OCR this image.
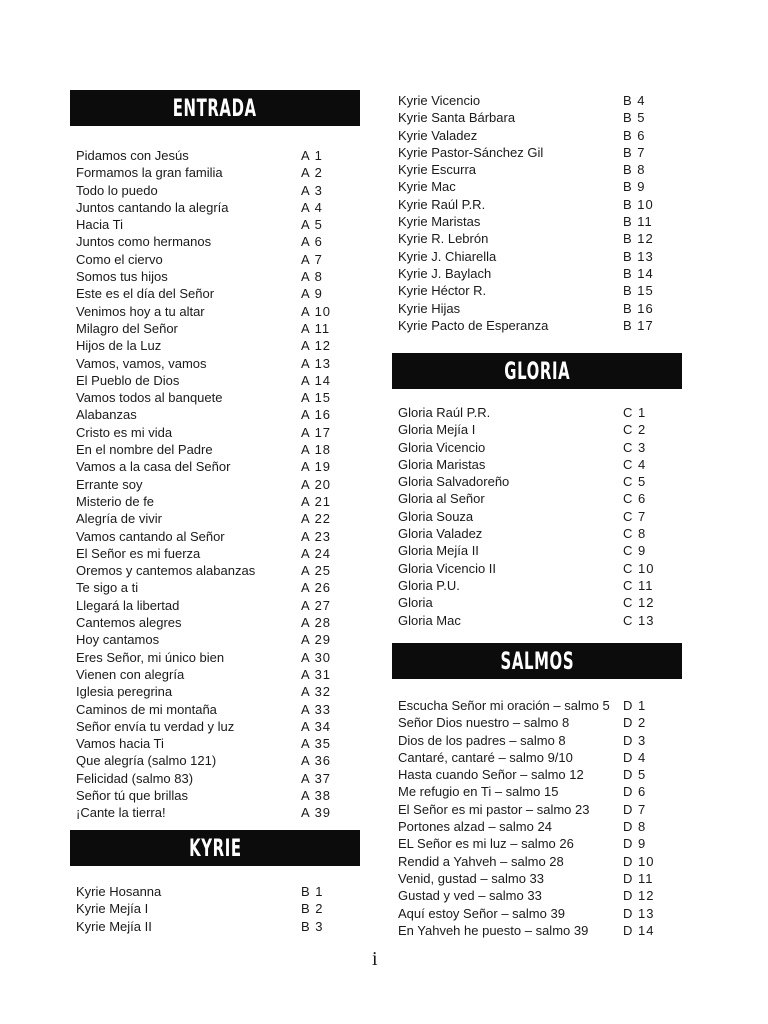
ENTRADA
Pidamos con Jesús	A 1
Formamos la gran familia	A 2
Todo lo puedo	A 3
Juntos cantando la alegría	A 4
Hacia Ti	A 5
Juntos como hermanos	A 6
Como el ciervo	A 7
Somos tus hijos	A 8
Este es el día del Señor	A 9
Venimos hoy a tu altar	A 10
Milagro del Señor	A 11
Hijos de la Luz	A 12
Vamos, vamos, vamos	A 13
El Pueblo de Dios	A 14
Vamos todos al banquete	A 15
Alabanzas	A 16
Cristo es mi vida	A 17
En el nombre del Padre	A 18
Vamos a la casa del Señor	A 19
Errante soy	A 20
Misterio de fe	A 21
Alegría de vivir	A 22
Vamos cantando al Señor	A 23
El Señor es mi fuerza	A 24
Oremos y cantemos alabanzas	A 25
Te sigo a ti	A 26
Llegará la libertad	A 27
Cantemos alegres	A 28
Hoy cantamos	A 29
Eres Señor, mi único bien	A 30
Vienen con alegría	A 31
Iglesia peregrina	A 32
Caminos de mi montaña	A 33
Señor envía tu verdad y luz	A 34
Vamos hacia Ti	A 35
Que alegría (salmo 121)	A 36
Felicidad (salmo 83)	A 37
Señor tú que brillas	A 38
¡Cante la tierra!	A 39
KYRIE
Kyrie Hosanna	B 1
Kyrie Mejía I	B 2
Kyrie Mejía II	B 3
Kyrie Vicencio	B 4
Kyrie Santa Bárbara	B 5
Kyrie Valadez	B 6
Kyrie Pastor-Sánchez Gil	B 7
Kyrie Escurra	B 8
Kyrie Mac	B 9
Kyrie Raúl P.R.	B 10
Kyrie Maristas	B 11
Kyrie R. Lebrón	B 12
Kyrie J. Chiarella	B 13
Kyrie J. Baylach	B 14
Kyrie Héctor R.	B 15
Kyrie Hijas	B 16
Kyrie Pacto de Esperanza	B 17
GLORIA
Gloria Raúl P.R.	C 1
Gloria Mejía I	C 2
Gloria Vicencio	C 3
Gloria Maristas	C 4
Gloria Salvadoreño	C 5
Gloria al Señor	C 6
Gloria Souza	C 7
Gloria Valadez	C 8
Gloria Mejía II	C 9
Gloria Vicencio II	C 10
Gloria P.U.	C 11
Gloria	C 12
Gloria Mac	C 13
SALMOS
Escucha Señor mi oración – salmo 5 D 1
Señor Dios nuestro – salmo 8	D 2
Dios de los padres – salmo 8	D 3
Cantaré, cantaré – salmo 9/10	D 4
Hasta cuando Señor – salmo 12	D 5
Me refugio en Ti – salmo 15	D 6
El Señor es mi pastor – salmo 23	D 7
Portones alzad – salmo 24	D 8
EL Señor es mi luz – salmo 26	D 9
Rendid a Yahveh – salmo 28	D 10
Venid, gustad – salmo 33	D 11
Gustad y ved – salmo 33	D 12
Aquí estoy Señor – salmo 39	D 13
En Yahveh he puesto – salmo 39	D 14
i
